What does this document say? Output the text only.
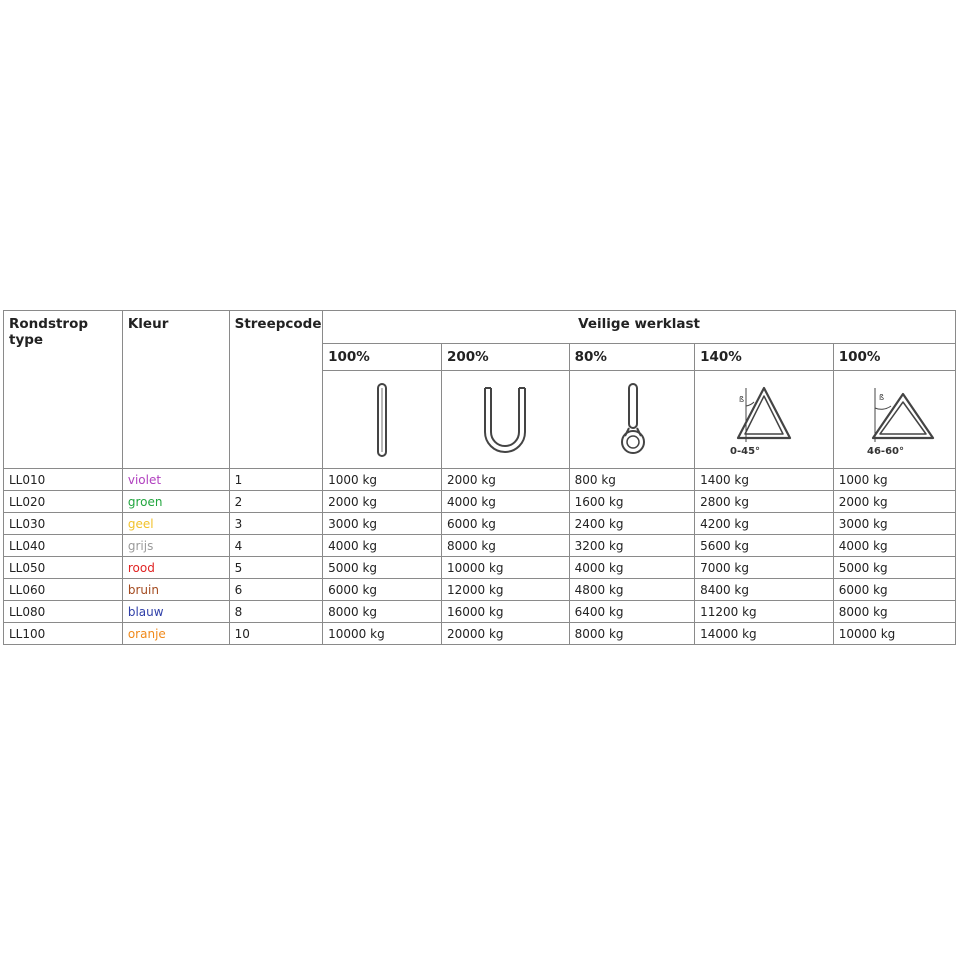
Rondstrop type	Kleur	Streepcode	Veilige werklast				
			100%	200%	80%	140%	100%

ß
0-45°	ß
46-60°

LL010	violet	1	1000 kg	2000 kg	800 kg	1400 kg	1000 kg
LL020	groen	2	2000 kg	4000 kg	1600 kg	2800 kg	2000 kg
LL030	geel	3	3000 kg	6000 kg	2400 kg	4200 kg	3000 kg
LL040	grijs	4	4000 kg	8000 kg	3200 kg	5600 kg	4000 kg
LL050	rood	5	5000 kg	10000 kg	4000 kg	7000 kg	5000 kg
LL060	bruin	6	6000 kg	12000 kg	4800 kg	8400 kg	6000 kg
LL080	blauw	8	8000 kg	16000 kg	6400 kg	11200 kg	8000 kg
LL100	oranje	10	10000 kg	20000 kg	8000 kg	14000 kg	10000 kg
